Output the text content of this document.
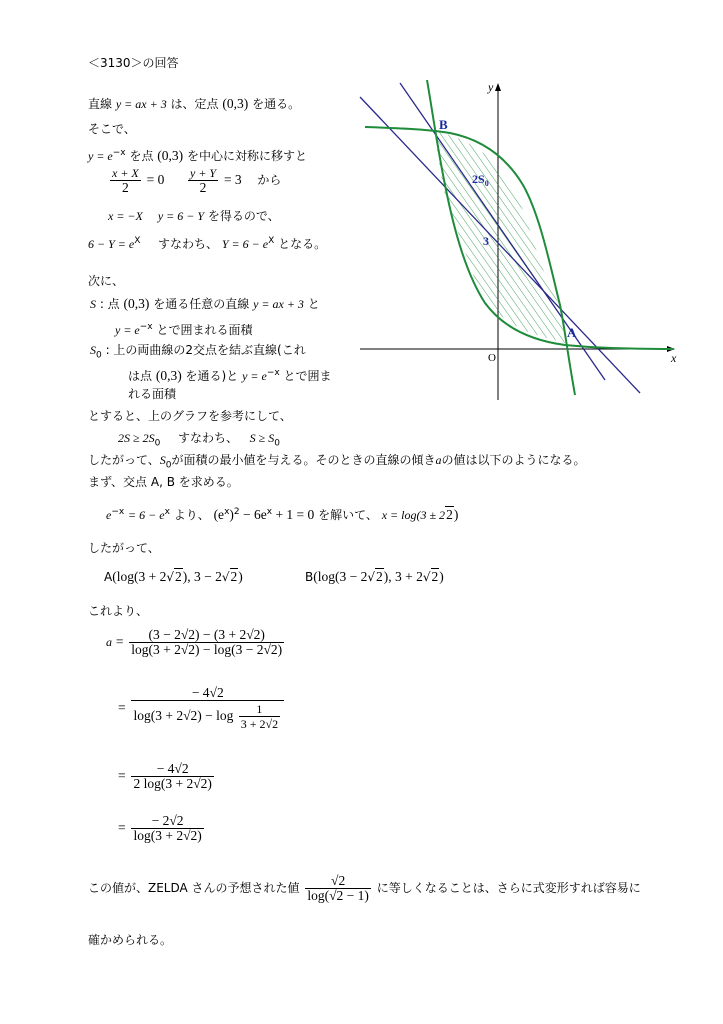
＜3130＞の回答
直線 y = ax + 3 は、定点 (0,3) を通る。
そこで、
$y = e^{-x}$ を点 (0,3) を中心に対称に移すと
$\frac{x + X}{2} = 0 \frac{y + Y}{2} = 3$ から
x = −X　 y = 6 − Y を得るので、
$6 - Y = e^X$ すなわち、 $Y = 6 - e^X$ となる。
次に、
S : 点 (0,3) を通る任意の直線 y = ax + 3 と
$y = e^{-x}$ とで囲まれる面積
$S_0$ : 上の両曲線の2交点を結ぶ直線(これ
は点 (0,3) を通る)と $y = e^{-x}$ とで囲ま
れる面積
とすると、上のグラフを参考にして、
$2S \ge 2S_0$ すなわち、 $S \ge S_0$
したがって、$S_0$が面積の最小値を与える。そのときの直線の傾きaの値は以下のようになる。
まず、交点 A, B を求める。
$e^{-x} = 6 - e^x$ より、 $(e^x)^2 - 6e^x + 1 = 0$ を解いて、 x = log(3 ± 22)
したがって、
A(log(3 + 2√2), 3 − 2√2)	B(log(3 − 2√2), 3 + 2√2)
これより、
$a = \frac{(3 - 2√2) - (3 + 2√2)}{\log(3 + 2√2) - \log(3 - 2√2)}$
= $\frac{- 4√2}{\log(3 + 2√2) - \log \frac{1}{3 + 2√2}}$
= $\frac{- 4√2}{2 \log(3 + 2√2)}$
= $\frac{- 2√2}{\log(3 + 2√2)}$
この値が、ZELDA さんの予想された値 $\frac{√2}{\log(√2 - 1)}$ に等しくなることは、さらに式変形すれば容易に
確かめられる。
x
y
O
B
A
$2S_0$
3
